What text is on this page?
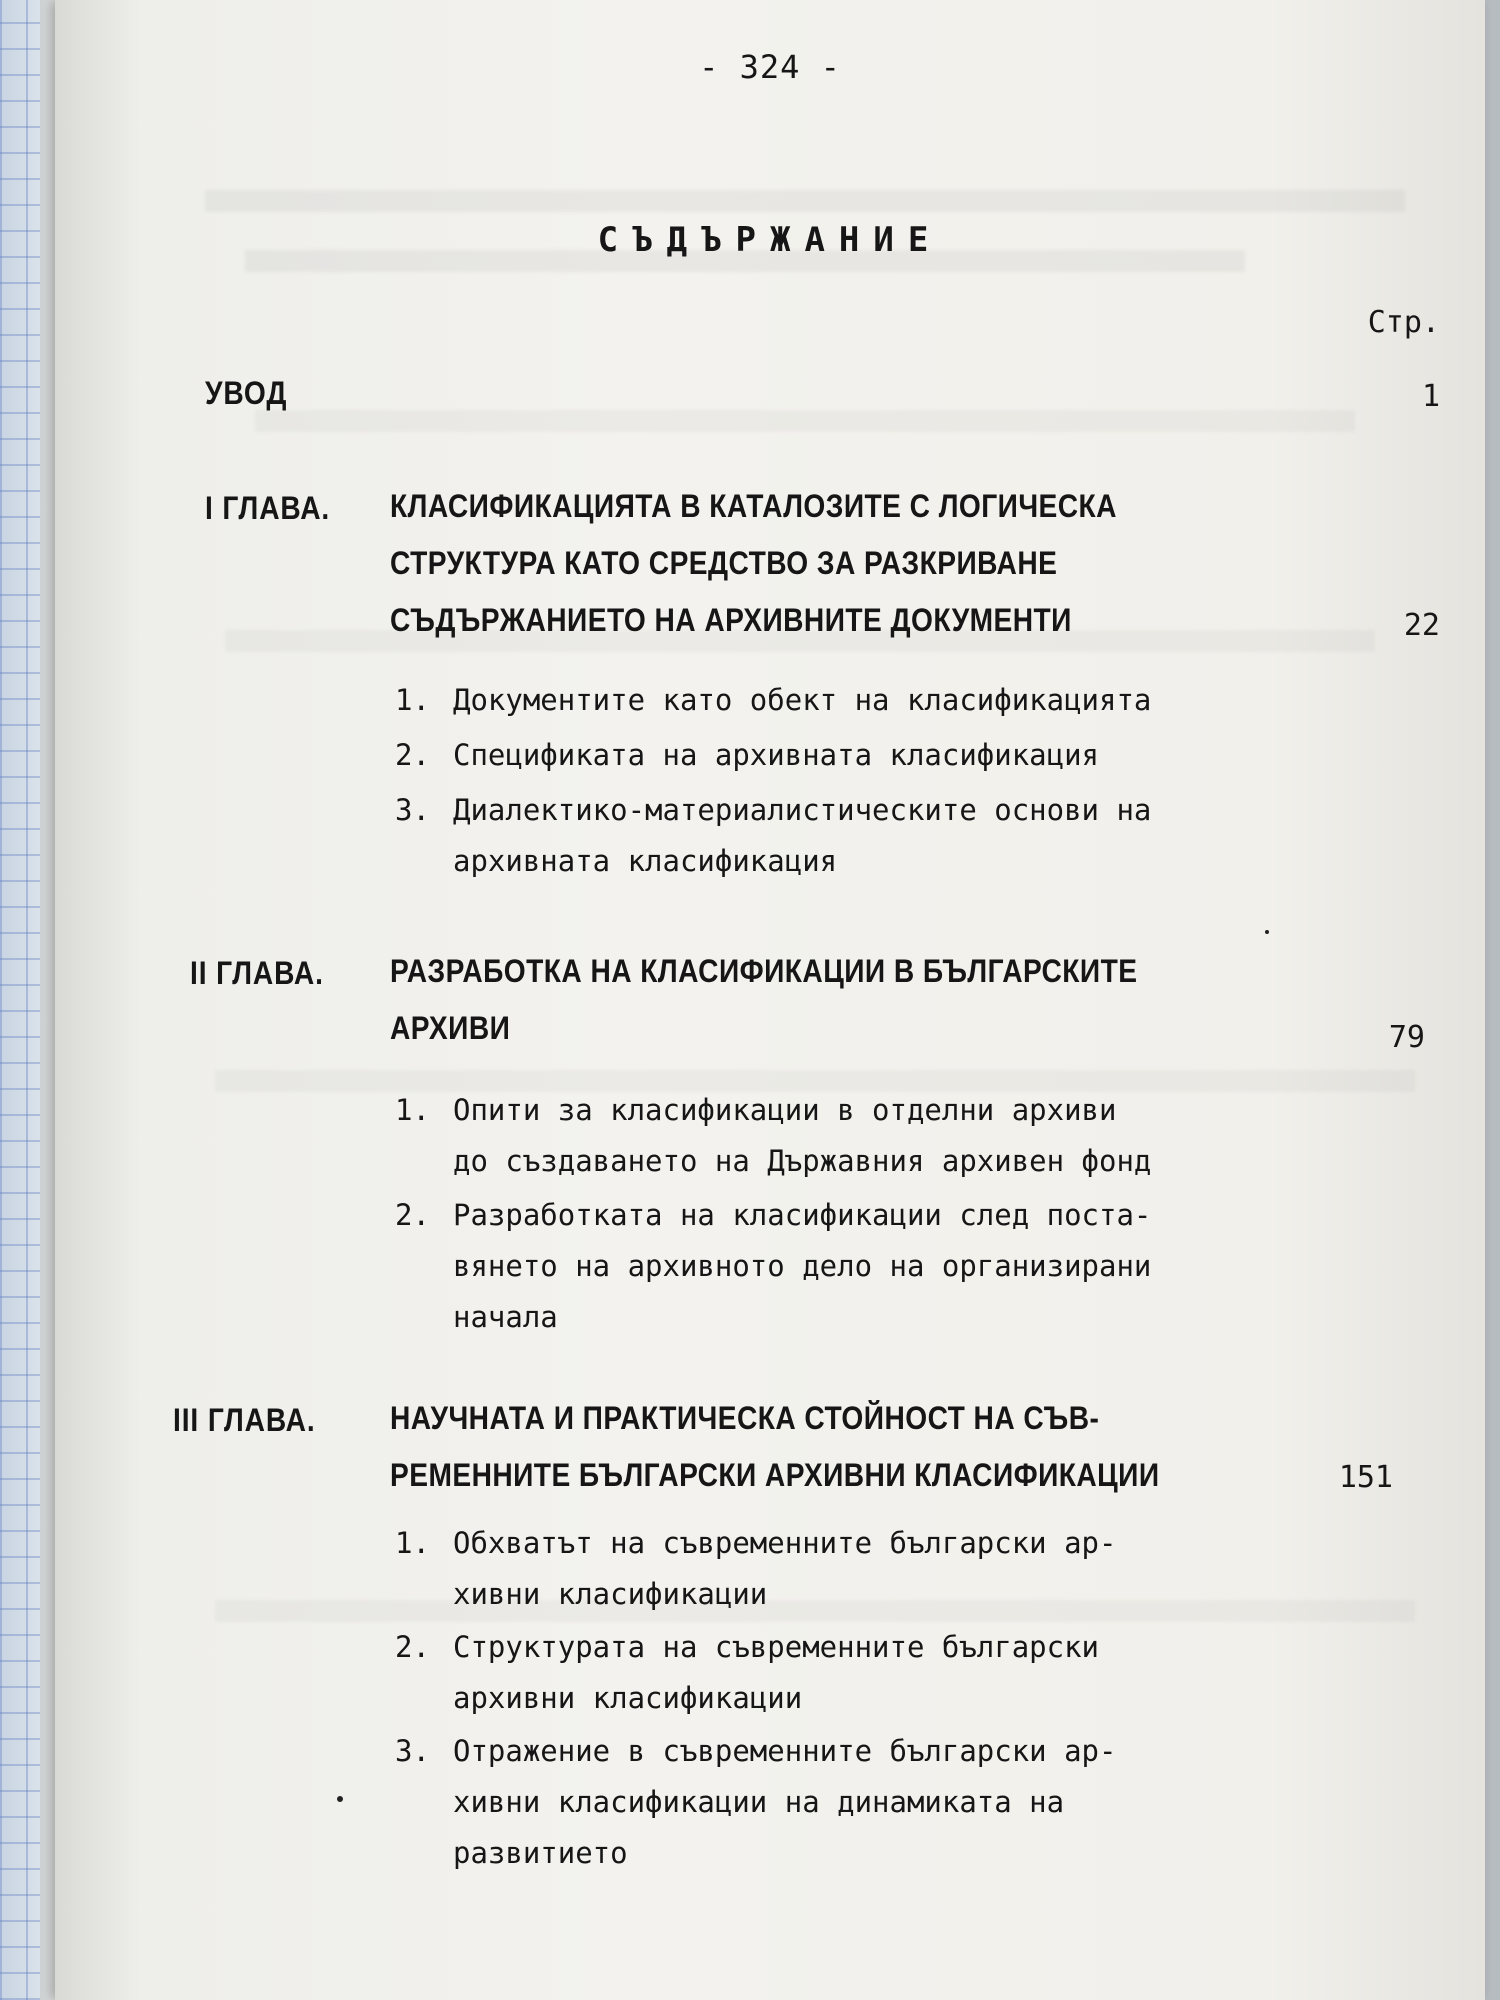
- 324 -
СЪДЪРЖАНИЕ
Стр.
УВОД	1
I ГЛАВА. КЛАСИФИКАЦИЯТА В КАТАЛОЗИТЕ С ЛОГИЧЕСКА
СТРУКТУРА КАТО СРЕДСТВО ЗА РАЗКРИВАНЕ
СЪДЪРЖАНИЕТО НА АРХИВНИТЕ ДОКУМЕНТИ	22
1. Документите като обект на класификацията
2. Спецификата на архивната класификация
3. Диалектико-материалистическите основи на
архивната класификация
II ГЛАВА. РАЗРАБОТКА НА КЛАСИФИКАЦИИ В БЪЛГАРСКИТЕ
АРХИВИ	79
1. Опити за класификации в отделни архиви
до създаването на Държавния архивен фонд
2. Разработката на класификации след поста-
вянето на архивното дело на организирани
начала
III ГЛАВА. НАУЧНАТА И ПРАКТИЧЕСКА СТОЙНОСТ НА СЪВ-
РЕМЕННИТЕ БЪЛГАРСКИ АРХИВНИ КЛАСИФИКАЦИИ	151
1. Обхватът на съвременните български ар-
хивни класификации
2. Структурата на съвременните български
архивни класификации
3. Отражение в съвременните български ар-
хивни класификации на динамиката на
развитието
